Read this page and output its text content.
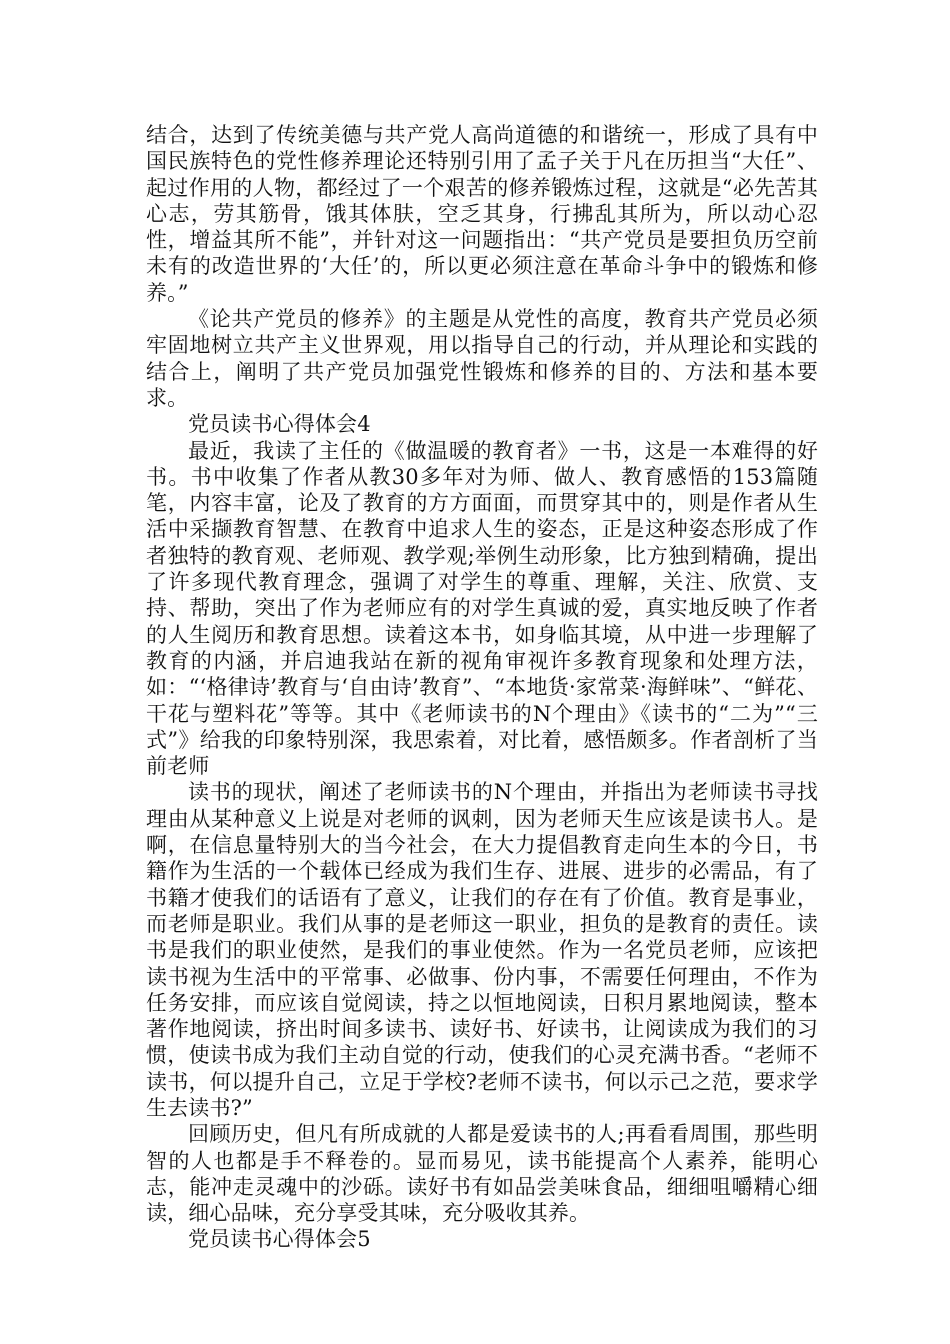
结合，达到了传统美德与共产党人高尚道德的和谐统一，形成了具有中国民族特色的党性修养理论还特别引用了孟子关于凡在历担当“大任”、起过作用的人物，都经过了一个艰苦的修养锻炼过程，这就是“必先苦其心志，劳其筋骨，饿其体肤，空乏其身，行拂乱其所为，所以动心忍性，增益其所不能”，并针对这一问题指出：“共产党员是要担负历空前未有的改造世界的‘大任’的，所以更必须注意在革命斗争中的锻炼和修养。”

《论共产党员的修养》的主题是从党性的高度，教育共产党员必须牢固地树立共产主义世界观，用以指导自己的行动，并从理论和实践的结合上，阐明了共产党员加强党性锻炼和修养的目的、方法和基本要求。

党员读书心得体会4

最近，我读了主任的《做温暖的教育者》一书，这是一本难得的好书。书中收集了作者从教30多年对为师、做人、教育感悟的153篇随笔，内容丰富，论及了教育的方方面面，而贯穿其中的，则是作者从生活中采撷教育智慧、在教育中追求人生的姿态，正是这种姿态形成了作者独特的教育观、老师观、教学观;举例生动形象，比方独到精确，提出了许多现代教育理念，强调了对学生的尊重、理解，关注、欣赏、支持、帮助，突出了作为老师应有的对学生真诚的爱，真实地反映了作者的人生阅历和教育思想。读着这本书，如身临其境，从中进一步理解了教育的内涵，并启迪我站在新的视角审视许多教育现象和处理方法，如：“‘格律诗’教育与‘自由诗’教育”、“本地货·家常菜·海鲜味”、“鲜花、干花与塑料花”等等。其中《老师读书的N个理由》《读书的“二为”“三式”》给我的印象特别深，我思索着，对比着，感悟颇多。作者剖析了当前老师

读书的现状，阐述了老师读书的N个理由，并指出为老师读书寻找理由从某种意义上说是对老师的讽刺，因为老师天生应该是读书人。是啊，在信息量特别大的当今社会，在大力提倡教育走向生本的今日，书籍作为生活的一个载体已经成为我们生存、进展、进步的必需品，有了书籍才使我们的话语有了意义，让我们的存在有了价值。教育是事业，而老师是职业。我们从事的是老师这一职业，担负的是教育的责任。读书是我们的职业使然，是我们的事业使然。作为一名党员老师，应该把读书视为生活中的平常事、必做事、份内事，不需要任何理由，不作为任务安排，而应该自觉阅读，持之以恒地阅读，日积月累地阅读，整本著作地阅读，挤出时间多读书、读好书、好读书，让阅读成为我们的习惯，使读书成为我们主动自觉的行动，使我们的心灵充满书香。“老师不读书，何以提升自己，立足于学校?老师不读书，何以示己之范，要求学生去读书?”

回顾历史，但凡有所成就的人都是爱读书的人;再看看周围，那些明智的人也都是手不释卷的。显而易见，读书能提高个人素养，能明心志，能冲走灵魂中的沙砾。读好书有如品尝美味食品，细细咀嚼精心细读，细心品味，充分享受其味，充分吸收其养。

党员读书心得体会5
